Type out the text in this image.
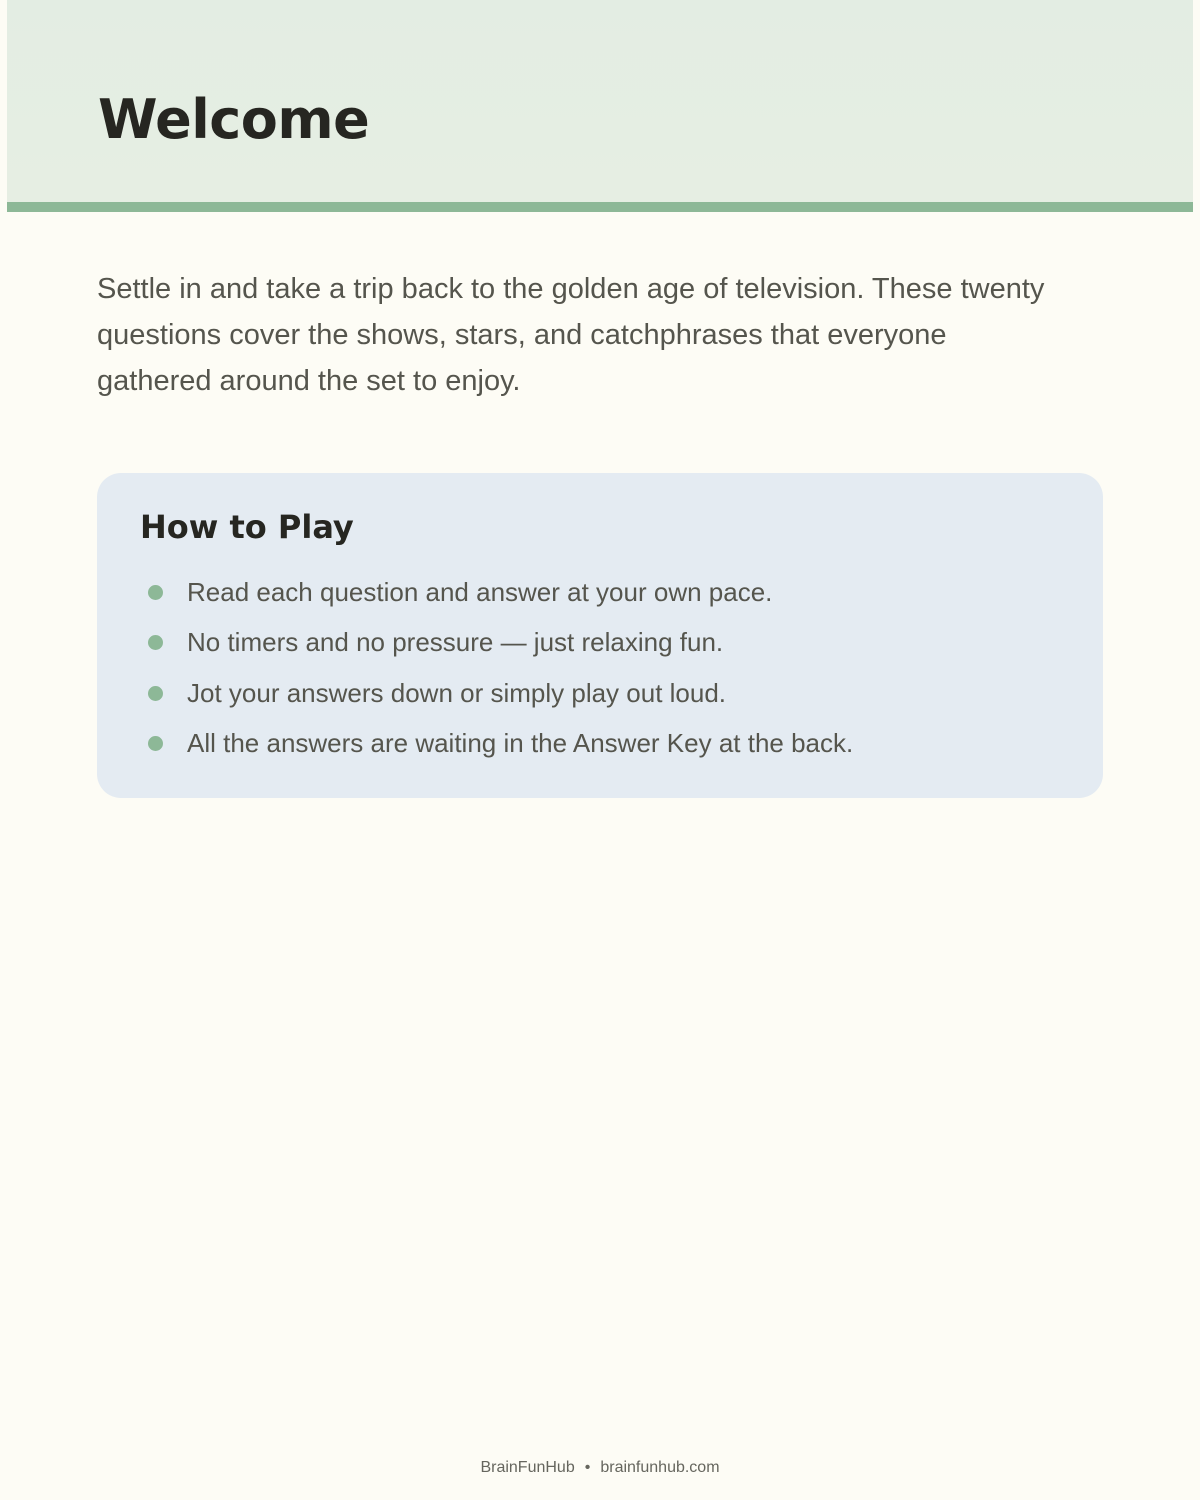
Welcome

Settle in and take a trip back to the golden age of television. These twenty questions cover the shows, stars, and catchphrases that everyone gathered around the set to enjoy.

How to Play
Read each question and answer at your own pace.
No timers and no pressure — just relaxing fun.
Jot your answers down or simply play out loud.
All the answers are waiting in the Answer Key at the back.
BrainFunHub • brainfunhub.com
